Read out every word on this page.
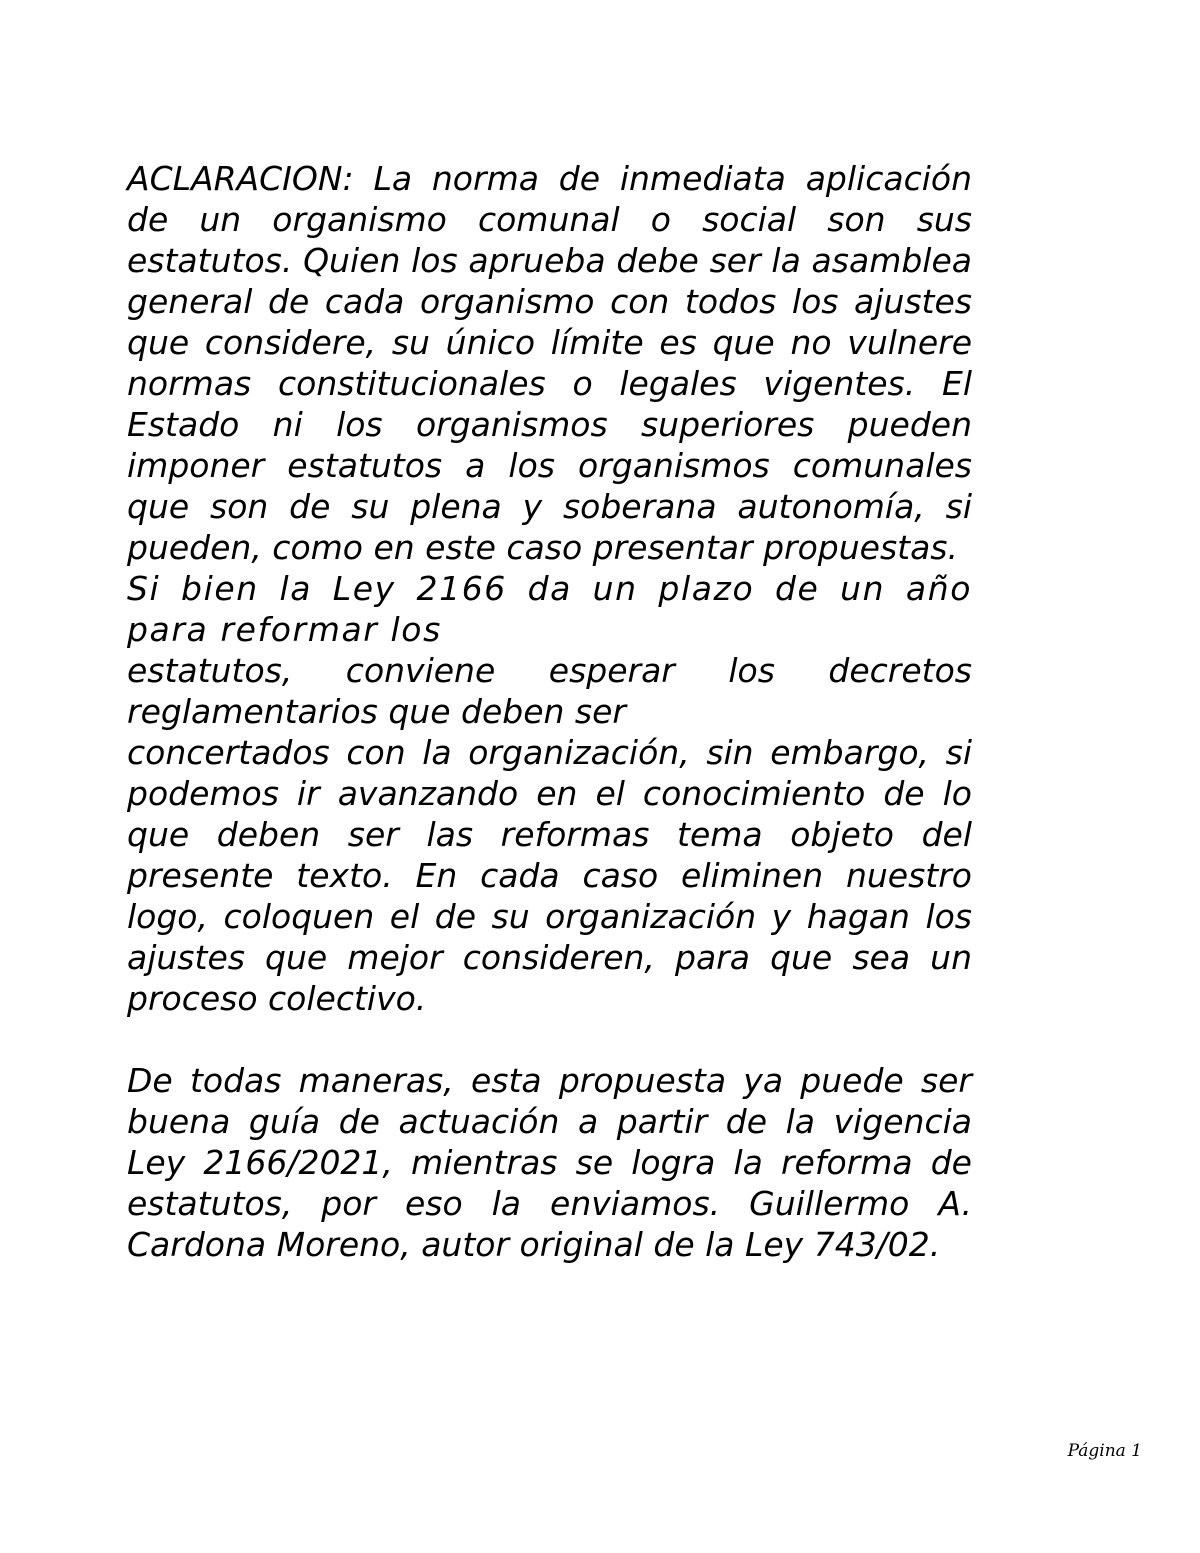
ACLARACION: La norma de inmediata aplicación de un organismo comunal o social son sus estatutos. Quien los aprueba debe ser la asamblea general de cada organismo con todos los ajustes que considere, su único límite es que no vulnere normas constitucionales o legales vigentes. El Estado ni los organismos superiores pueden imponer estatutos a los organismos comunales que son de su plena y soberana autonomía, si pueden, como en este caso presentar propuestas.

Si bien la Ley 2166 da un plazo de un año para reformar los

estatutos, conviene esperar los decretos reglamentarios que deben ser

concertados con la organización, sin embargo, si podemos ir avanzando en el conocimiento de lo que deben ser las reformas tema objeto del presente texto. En cada caso eliminen nuestro logo, coloquen el de su organización y hagan los ajustes que mejor consideren, para que sea un proceso colectivo.

De todas maneras, esta propuesta ya puede ser buena guía de actuación a partir de la vigencia Ley 2166/2021, mientras se logra la reforma de estatutos, por eso la enviamos. Guillermo A. Cardona Moreno, autor original de la Ley 743/02.

Página 1
